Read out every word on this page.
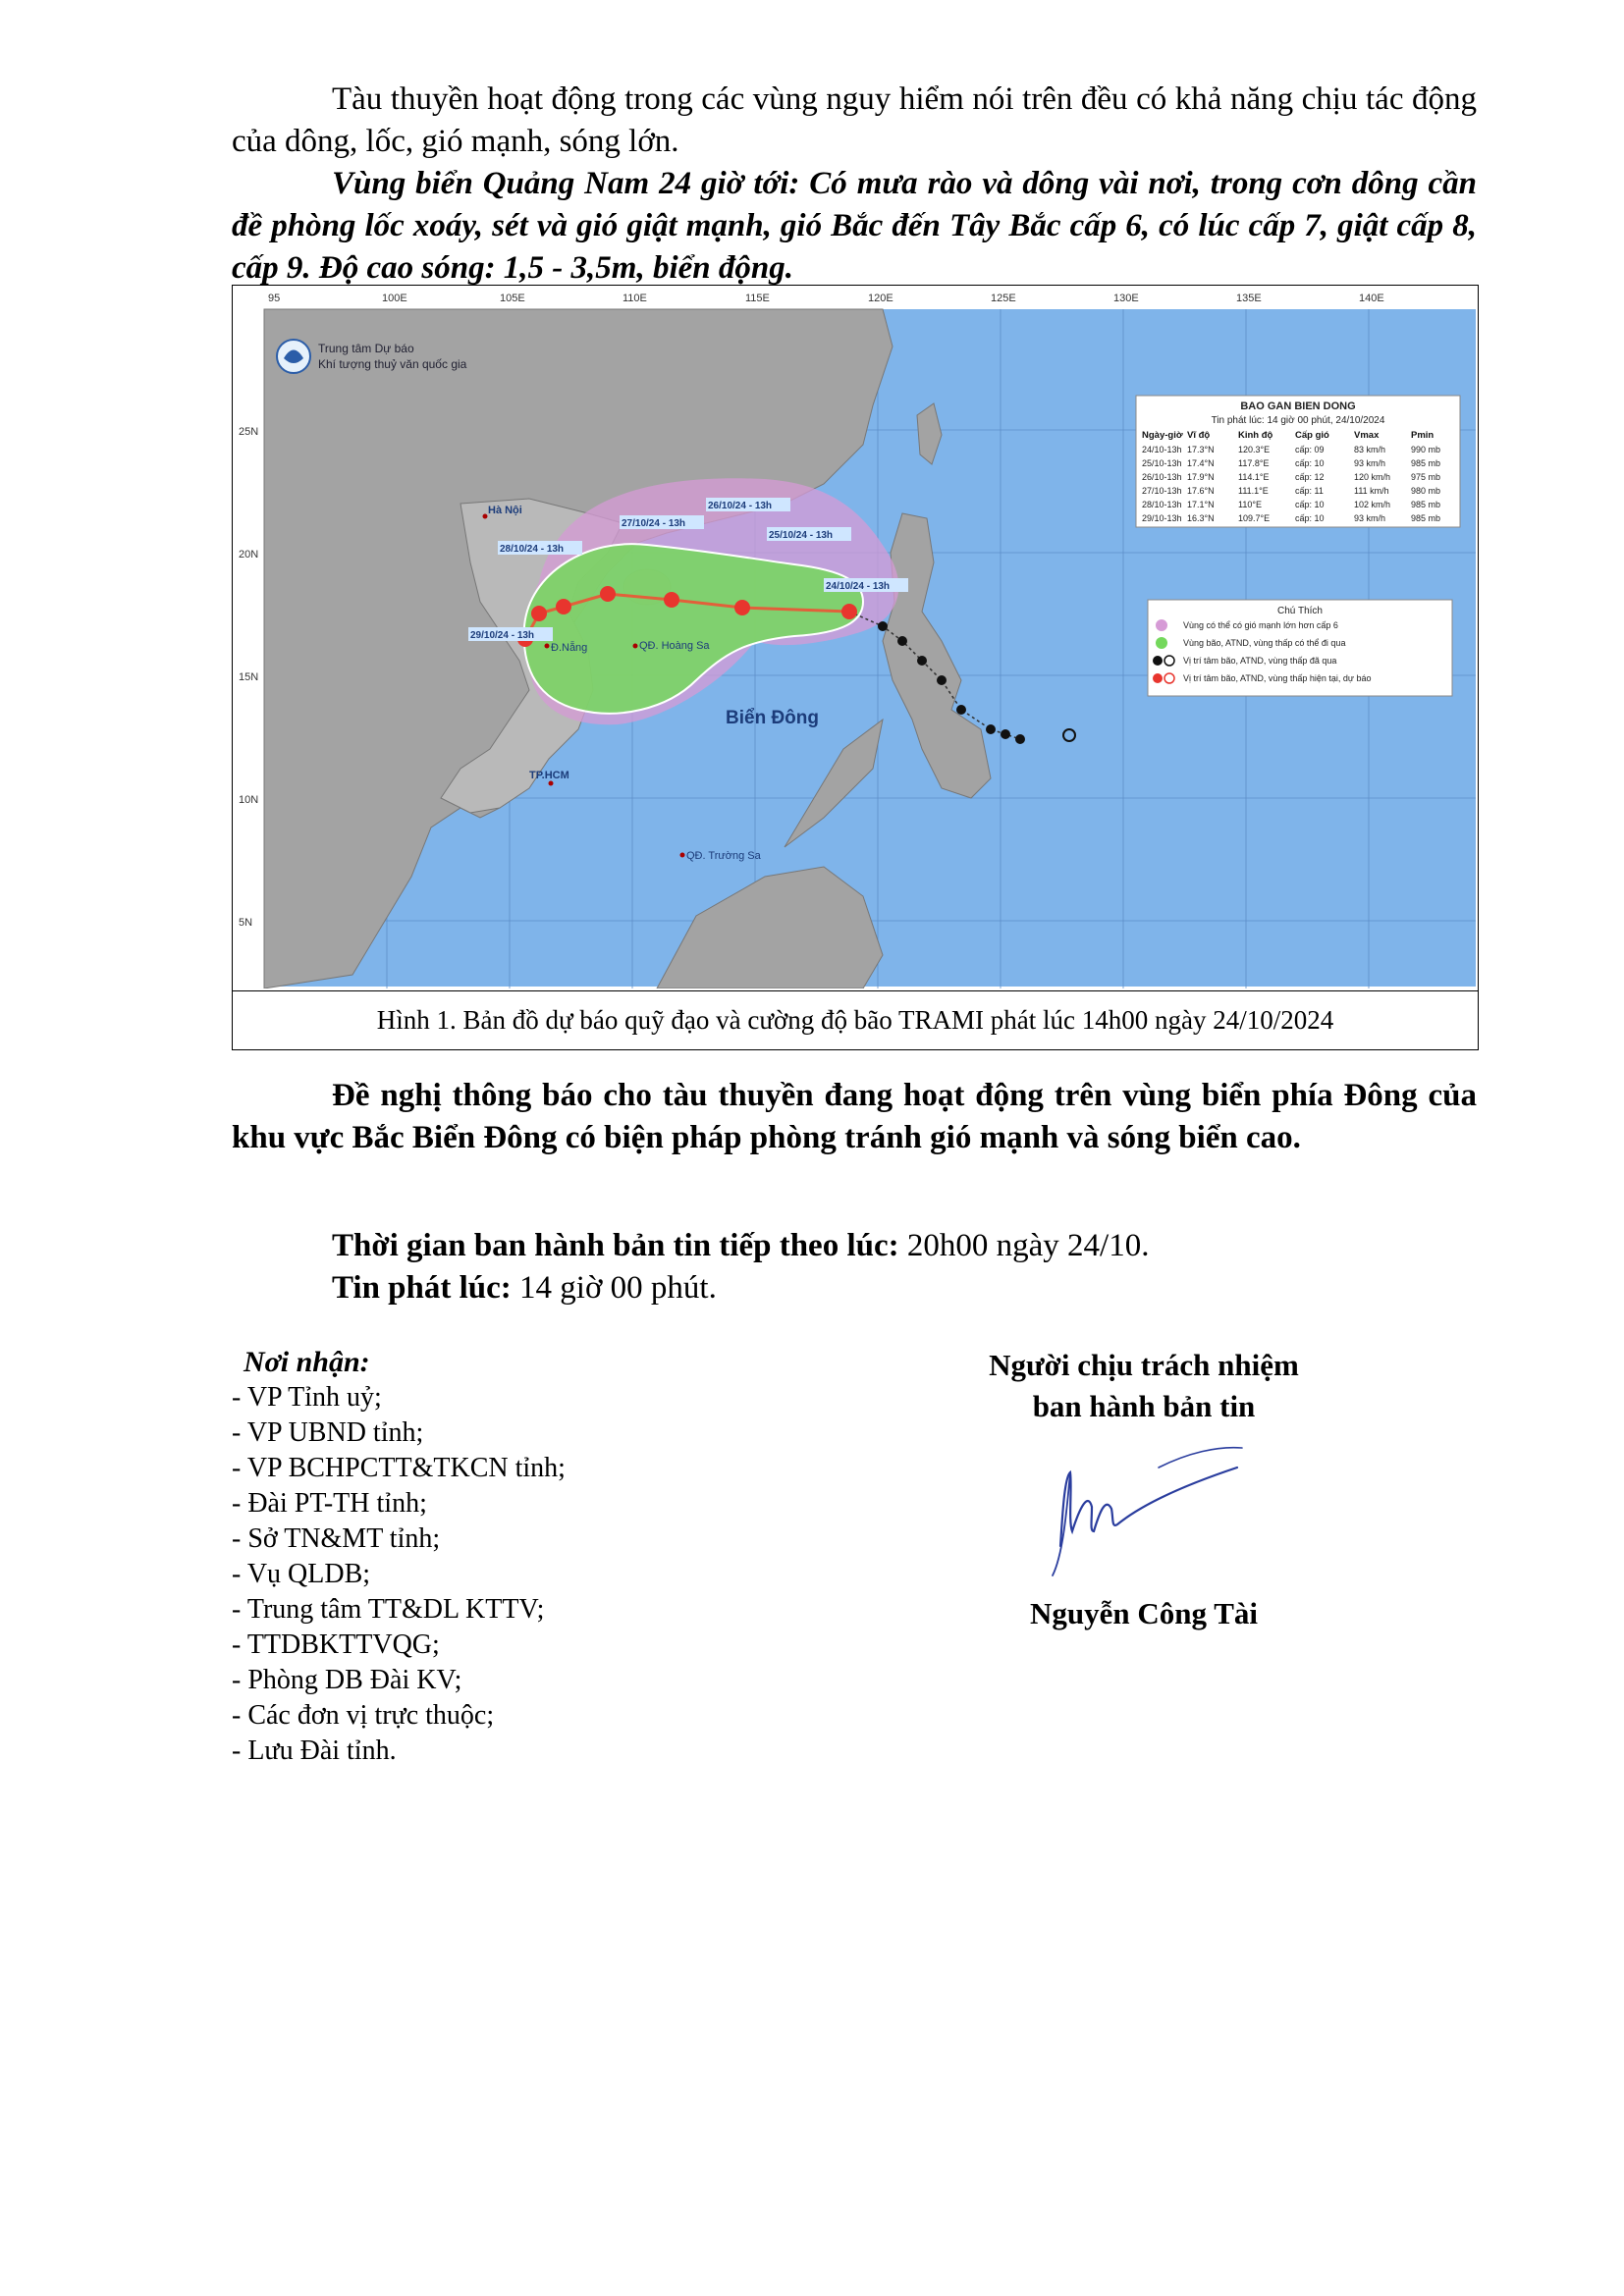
Tàu thuyền hoạt động trong các vùng nguy hiểm nói trên đều có khả năng chịu tác động của dông, lốc, gió mạnh, sóng lớn.

Vùng biển Quảng Nam 24 giờ tới: Có mưa rào và dông vài nơi, trong cơn dông cần đề phòng lốc xoáy, sét và gió giật mạnh, gió Bắc đến Tây Bắc cấp 6, có lúc cấp 7, giật cấp 8, cấp 9. Độ cao sóng: 1,5 - 3,5m, biển động.

95	100E	105E	110E	115E	120E	125E	130E	135E	140E
25N
20N
15N
10N
5N
Trung tâm Dự báo
Khí tượng thuỷ văn quốc gia
Hà Nội
Đ.Nẵng
TP.HCM
QĐ. Hoàng Sa
QĐ. Trường Sa
Biển Đông
27/10/24 - 13h
26/10/24 - 13h
25/10/24 - 13h
28/10/24 - 13h
24/10/24 - 13h
29/10/24 - 13h
BAO GAN BIEN DONG
Tin phát lúc: 14 giờ 00 phút, 24/10/2024
Ngày-giờ Vĩ độ	Kinh độ Cấp gió	Vmax	Pmin
24/10-13h 17.3°N	120.3°E	cấp: 09	83 km/h	990 mb
25/10-13h 17.4°N	117.8°E	cấp: 10	93 km/h	985 mb
26/10-13h 17.9°N	114.1°E	cấp: 12	120 km/h 975 mb
27/10-13h 17.6°N	111.1°E	cấp: 11	111 km/h 980 mb
28/10-13h 17.1°N	110°E	cấp: 10	102 km/h 985 mb
29/10-13h 16.3°N	109.7°E	cấp: 10	93 km/h	985 mb
Chú Thích
Vùng có thể có gió mạnh lớn hơn cấp 6
Vùng bão, ATND, vùng thấp có thể đi qua
Vị trí tâm bão, ATND, vùng thấp đã qua
Vị trí tâm bão, ATND, vùng thấp hiện tại, dự báo
Hình 1. Bản đồ dự báo quỹ đạo và cường độ bão TRAMI phát lúc 14h00 ngày 24/10/2024

Đề nghị thông báo cho tàu thuyền đang hoạt động trên vùng biển phía Đông của khu vực Bắc Biển Đông có biện pháp phòng tránh gió mạnh và sóng biển cao.

Thời gian ban hành bản tin tiếp theo lúc: 20h00 ngày 24/10.

Tin phát lúc: 14 giờ 00 phút.

Nơi nhận:
- VP Tỉnh uỷ;
- VP UBND tỉnh;
- VP BCHPCTT&TKCN tỉnh;
- Đài PT-TH tỉnh;
- Sở TN&MT tỉnh;
- Vụ QLDB;
- Trung tâm TT&DL KTTV;
- TTDBKTTVQG;
- Phòng DB Đài KV;
- Các đơn vị trực thuộc;
- Lưu Đài tỉnh.
Người chịu trách nhiệm
ban hành bản tin
Nguyễn Công Tài
